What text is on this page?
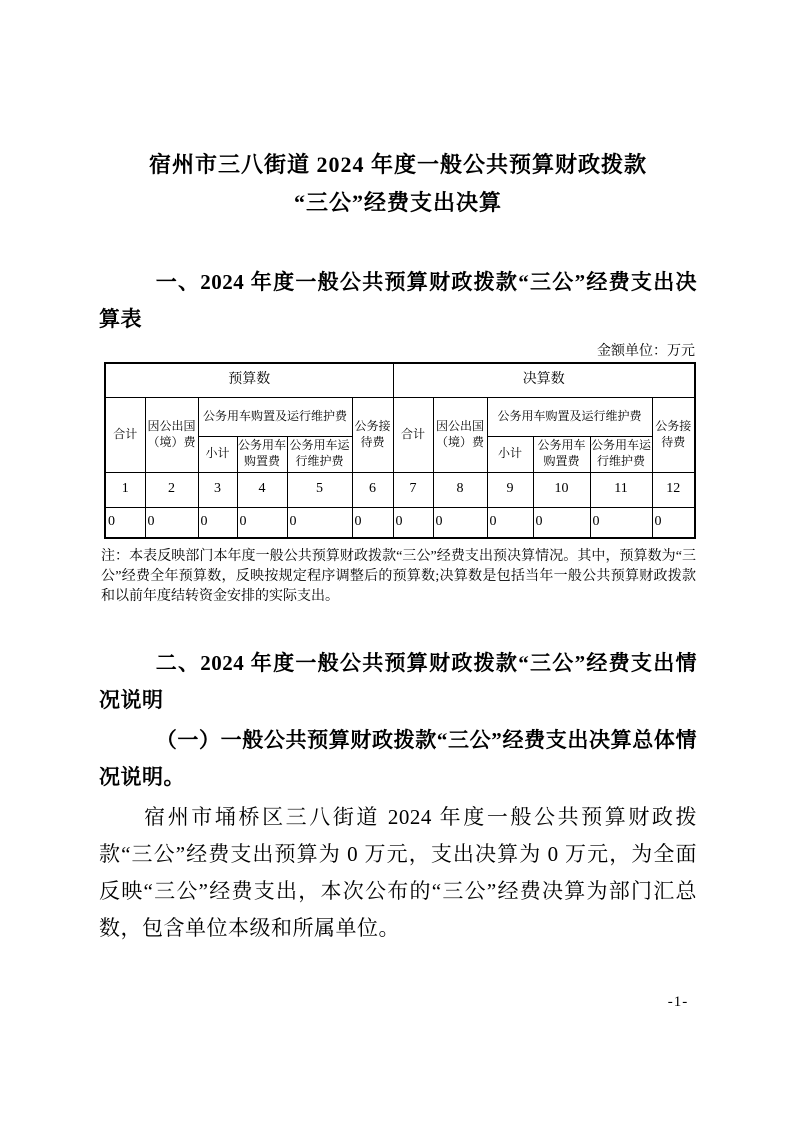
宿州市三八街道 2024 年度一般公共预算财政拨款
“三公”经费支出决算
一、2024 年度一般公共预算财政拨款“三公”经费支出决算表
金额单位：万元
预算数						决算数					
合计	因公出国（境）费	公务用车购置及运行维护费			公务接待费	合计	因公出国（境）费	公务用车购置及运行维护费			公务接待费
		小计	公务用车购置费	公务用车运行维护费				小计	公务用车购置费	公务用车运行维护费	
1	2	3	4	5	6	7	8	9	10	11	12
0	0	0	0	0	0	0	0	0	0	0	0
注：本表反映部门本年度一般公共预算财政拨款“三公”经费支出预决算情况。其中，预算数为“三公”经费全年预算数，反映按规定程序调整后的预算数;决算数是包括当年一般公共预算财政拨款和以前年度结转资金安排的实际支出。
二、2024 年度一般公共预算财政拨款“三公”经费支出情况说明
（一）一般公共预算财政拨款“三公”经费支出决算总体情况说明。
宿州市埇桥区三八街道 2024 年度一般公共预算财政拨款“三公”经费支出预算为 0 万元，支出决算为 0 万元，为全面反映“三公”经费支出，本次公布的“三公”经费决算为部门汇总数，包含单位本级和所属单位。
-1-
